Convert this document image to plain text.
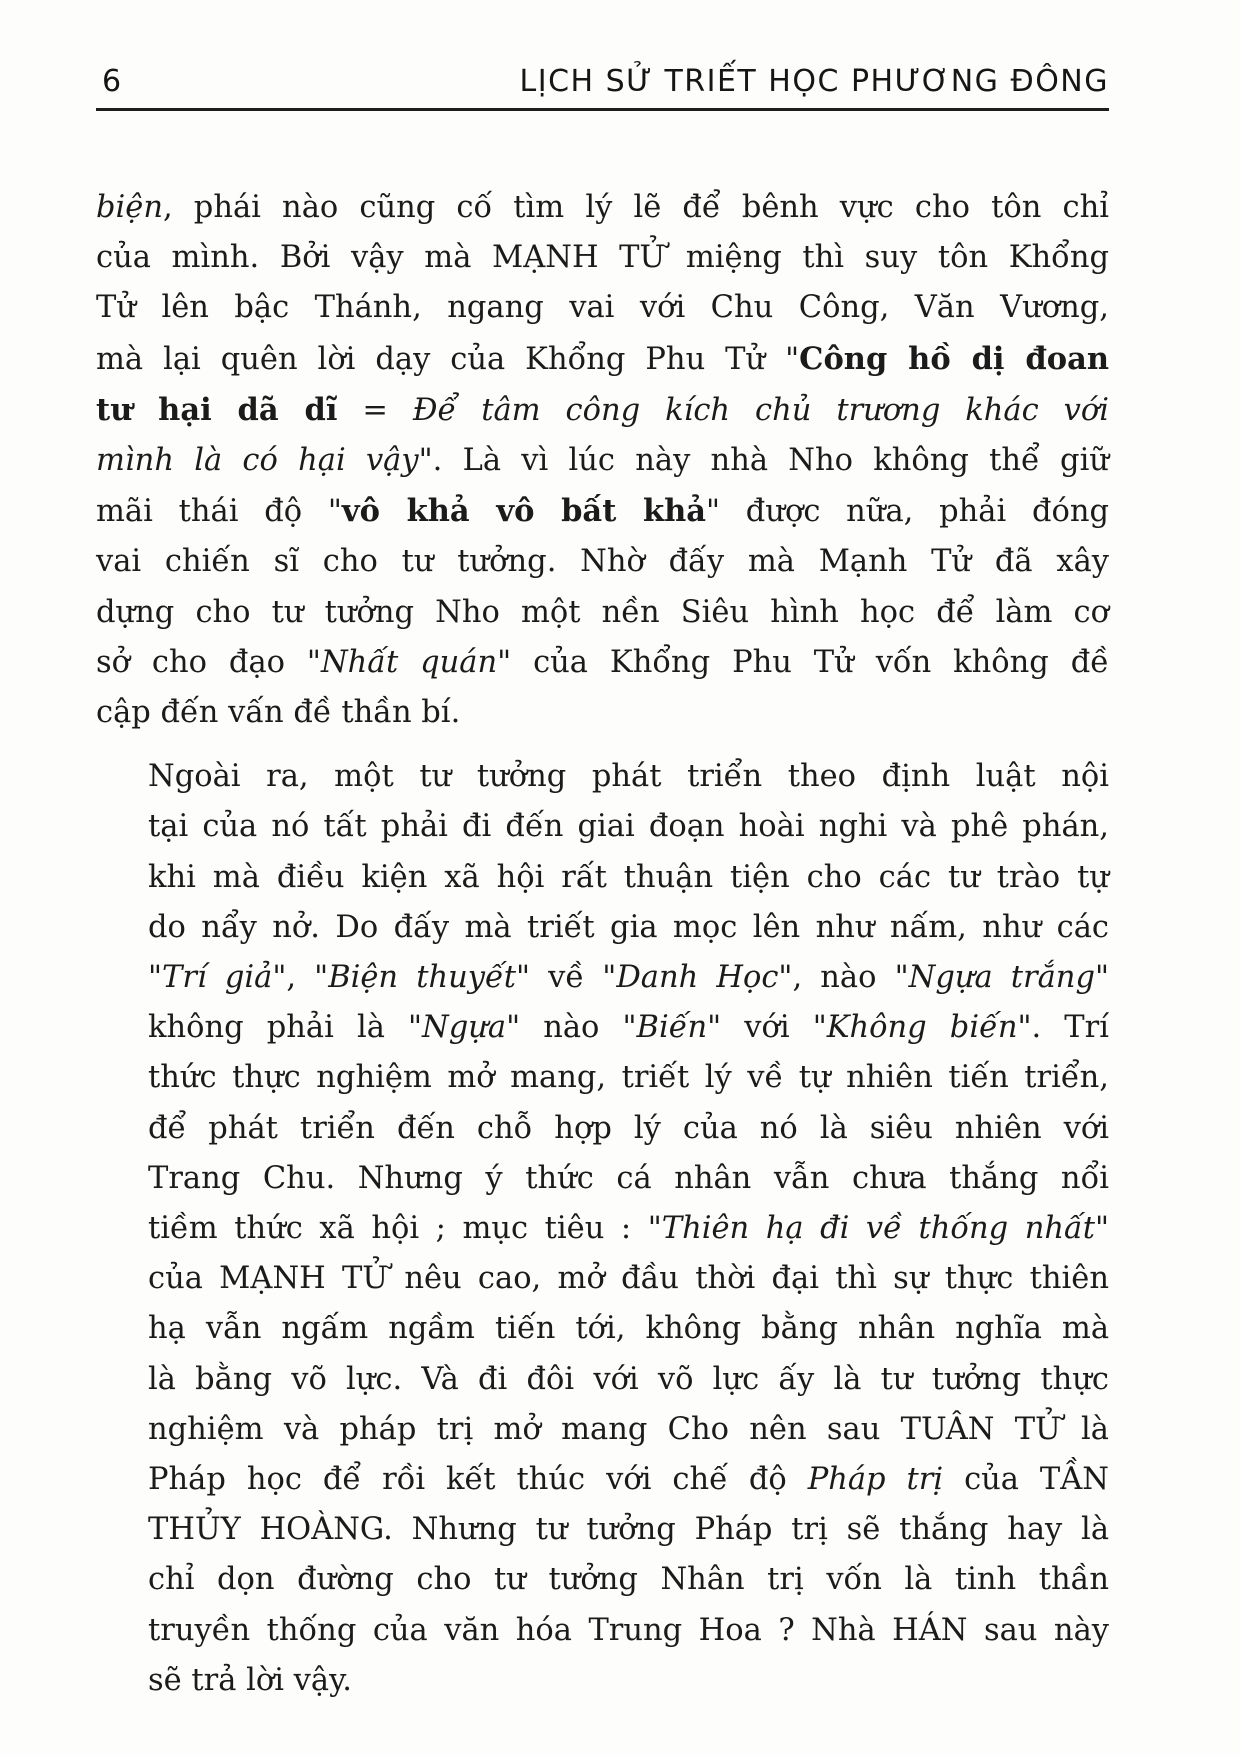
6	LỊCH SỬ TRIẾT HỌC PHƯƠNG ĐÔNG

biện, phái nào cũng cố tìm lý lẽ để bênh vực cho tôn chỉ
của mình. Bởi vậy mà MẠNH TỬ miệng thì suy tôn Khổng
Tử lên bậc Thánh, ngang vai với Chu Công, Văn Vương,
mà lại quên lời dạy của Khổng Phu Tử "Công hồ dị đoan
tư hại dã dĩ = Để tâm công kích chủ trương khác với
mình là có hại vậy". Là vì lúc này nhà Nho không thể giữ
mãi thái độ "vô khả vô bất khả" được nữa, phải đóng
vai chiến sĩ cho tư tưởng. Nhờ đấy mà Mạnh Tử đã xây
dựng cho tư tưởng Nho một nền Siêu hình học để làm cơ
sở cho đạo "Nhất quán" của Khổng Phu Tử vốn không đề
cập đến vấn đề thần bí.

Ngoài ra, một tư tưởng phát triển theo định luật nội
tại của nó tất phải đi đến giai đoạn hoài nghi và phê phán,
khi mà điều kiện xã hội rất thuận tiện cho các tư trào tự
do nẩy nở. Do đấy mà triết gia mọc lên như nấm, như các
"Trí giả", "Biện thuyết" về "Danh Học", nào "Ngựa trắng"
không phải là "Ngựa" nào "Biến" với "Không biến". Trí
thức thực nghiệm mở mang, triết lý về tự nhiên tiến triển,
để phát triển đến chỗ hợp lý của nó là siêu nhiên với
Trang Chu. Nhưng ý thức cá nhân vẫn chưa thắng nổi
tiềm thức xã hội ; mục tiêu : "Thiên hạ đi về thống nhất"
của MẠNH TỬ nêu cao, mở đầu thời đại thì sự thực thiên
hạ vẫn ngấm ngầm tiến tới, không bằng nhân nghĩa mà
là bằng võ lực. Và đi đôi với võ lực ấy là tư tưởng thực
nghiệm và pháp trị mở mang Cho nên sau TUÂN TỬ là
Pháp học để rồi kết thúc với chế độ Pháp trị của TẦN
THỦY HOÀNG. Nhưng tư tưởng Pháp trị sẽ thắng hay là
chỉ dọn đường cho tư tưởng Nhân trị vốn là tinh thần
truyền thống của văn hóa Trung Hoa ? Nhà HÁN sau này
sẽ trả lời vậy.
